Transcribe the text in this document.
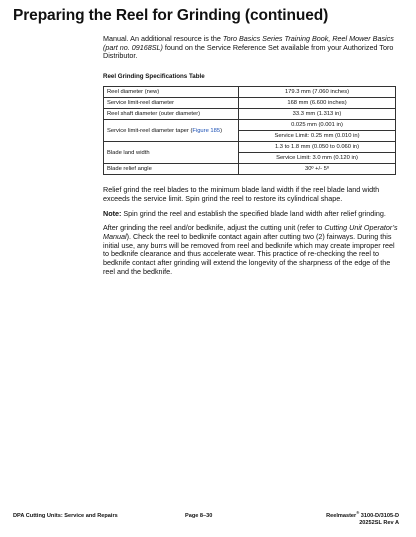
Preparing the Reel for Grinding (continued)

Manual. An additional resource is the Toro Basics Series Training Book, Reel Mower Basics (part no. 09168SL) found on the Service Reference Set available from your Authorized Toro Distributor.

Reel Grinding Specifications Table
Reel diameter (new)	179.3 mm (7.060 inches)
Service limit-reel diameter	168 mm (6.600 inches)
Reel shaft diameter (outer diameter)	33.3 mm (1.313 in)
Service limit-reel diameter taper (Figure 185)	0.025 mm (0.001 in)
Service Limit: 0.25 mm (0.010 in)

Blade land width	1.3 to 1.8 mm (0.050 to 0.060 in)
Service Limit: 3.0 mm (0.120 in)

Blade relief angle	30º +/- 5º

Relief grind the reel blades to the minimum blade land width if the reel blade land width exceeds the service limit. Spin grind the reel to restore its cylindrical shape.

Note: Spin grind the reel and establish the specified blade land width after relief grinding.

After grinding the reel and/or bedknife, adjust the cutting unit (refer to Cutting Unit Operator’s Manual). Check the reel to bedknife contact again after cutting two (2) fairways. During this initial use, any burrs will be removed from reel and bedknife which may create improper reel to bedknife clearance and thus accelerate wear. This practice of re-checking the reel to bedknife contact after grinding will extend the longevity of the sharpness of the edge of the reel and the bedknife.

DPA Cutting Units: Service and Repairs	Page 8–30	Reelmaster® 3100-D/3105-D
20252SL Rev A
